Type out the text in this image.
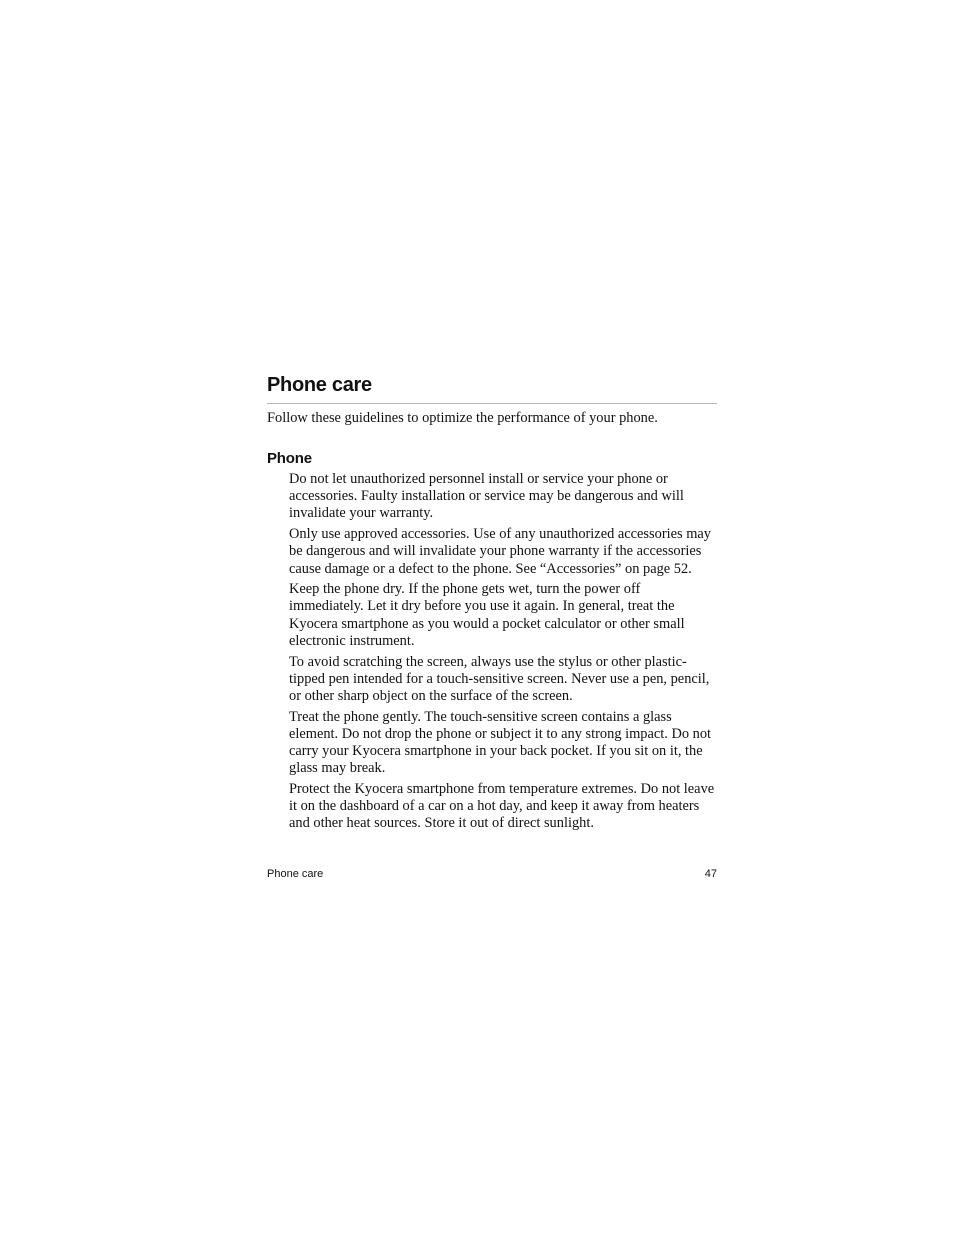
Phone care

Follow these guidelines to optimize the performance of your phone.

Phone
Do not let unauthorized personnel install or service your phone or accessories. Faulty installation or service may be dangerous and will invalidate your warranty.
Only use approved accessories. Use of any unauthorized accessories may be dangerous and will invalidate your phone warranty if the accessories cause damage or a defect to the phone. See “Accessories” on page 52.
Keep the phone dry. If the phone gets wet, turn the power off immediately. Let it dry before you use it again. In general, treat the Kyocera smartphone as you would a pocket calculator or other small electronic instrument.
To avoid scratching the screen, always use the stylus or other plastic-tipped pen intended for a touch-sensitive screen. Never use a pen, pencil, or other sharp object on the surface of the screen.
Treat the phone gently. The touch-sensitive screen contains a glass element. Do not drop the phone or subject it to any strong impact. Do not carry your Kyocera smartphone in your back pocket. If you sit on it, the glass may break.
Protect the Kyocera smartphone from temperature extremes. Do not leave it on the dashboard of a car on a hot day, and keep it away from heaters and other heat sources. Store it out of direct sunlight.
Phone care	47
